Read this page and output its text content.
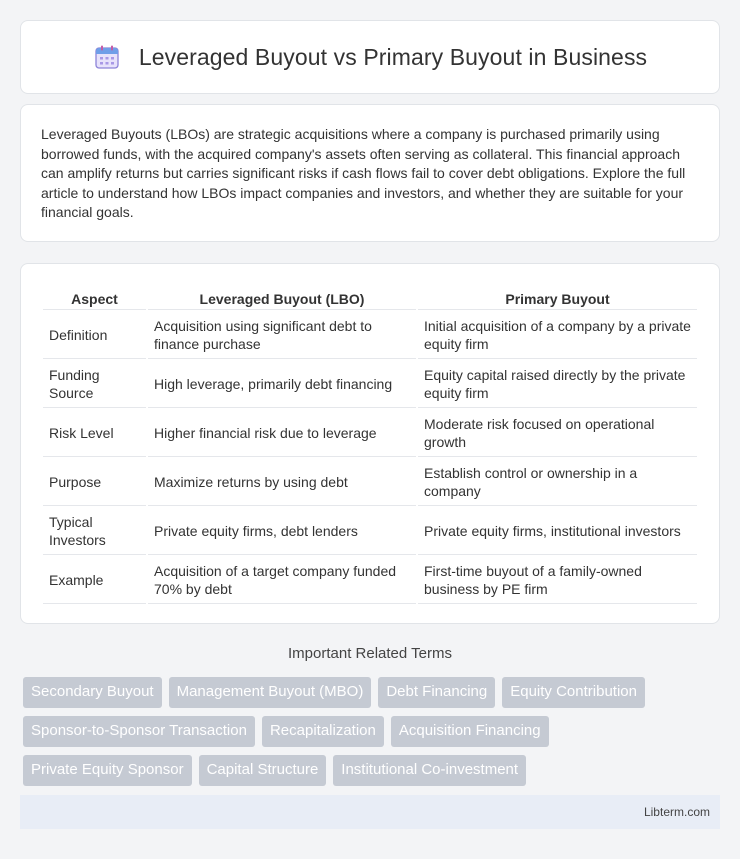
Leveraged Buyout vs Primary Buyout in Business

Leveraged Buyouts (LBOs) are strategic acquisitions where a company is purchased primarily using borrowed funds, with the acquired company's assets often serving as collateral. This financial approach can amplify returns but carries significant risks if cash flows fail to cover debt obligations. Explore the full article to understand how LBOs impact companies and investors, and whether they are suitable for your financial goals.

Aspect	Leveraged Buyout (LBO)	Primary Buyout
Definition	Acquisition using significant debt to finance purchase	Initial acquisition of a company by a private equity firm
Funding Source	High leverage, primarily debt financing	Equity capital raised directly by the private equity firm
Risk Level	Higher financial risk due to leverage	Moderate risk focused on operational growth
Purpose	Maximize returns by using debt	Establish control or ownership in a company
Typical Investors	Private equity firms, debt lenders	Private equity firms, institutional investors
Example	Acquisition of a target company funded 70% by debt	First-time buyout of a family-owned business by PE firm
Important Related Terms
Secondary Buyout	Management Buyout (MBO)	Debt Financing	Equity Contribution
Sponsor-to-Sponsor Transaction	Recapitalization	Acquisition Financing
Private Equity Sponsor	Capital Structure	Institutional Co-investment
Libterm.com
